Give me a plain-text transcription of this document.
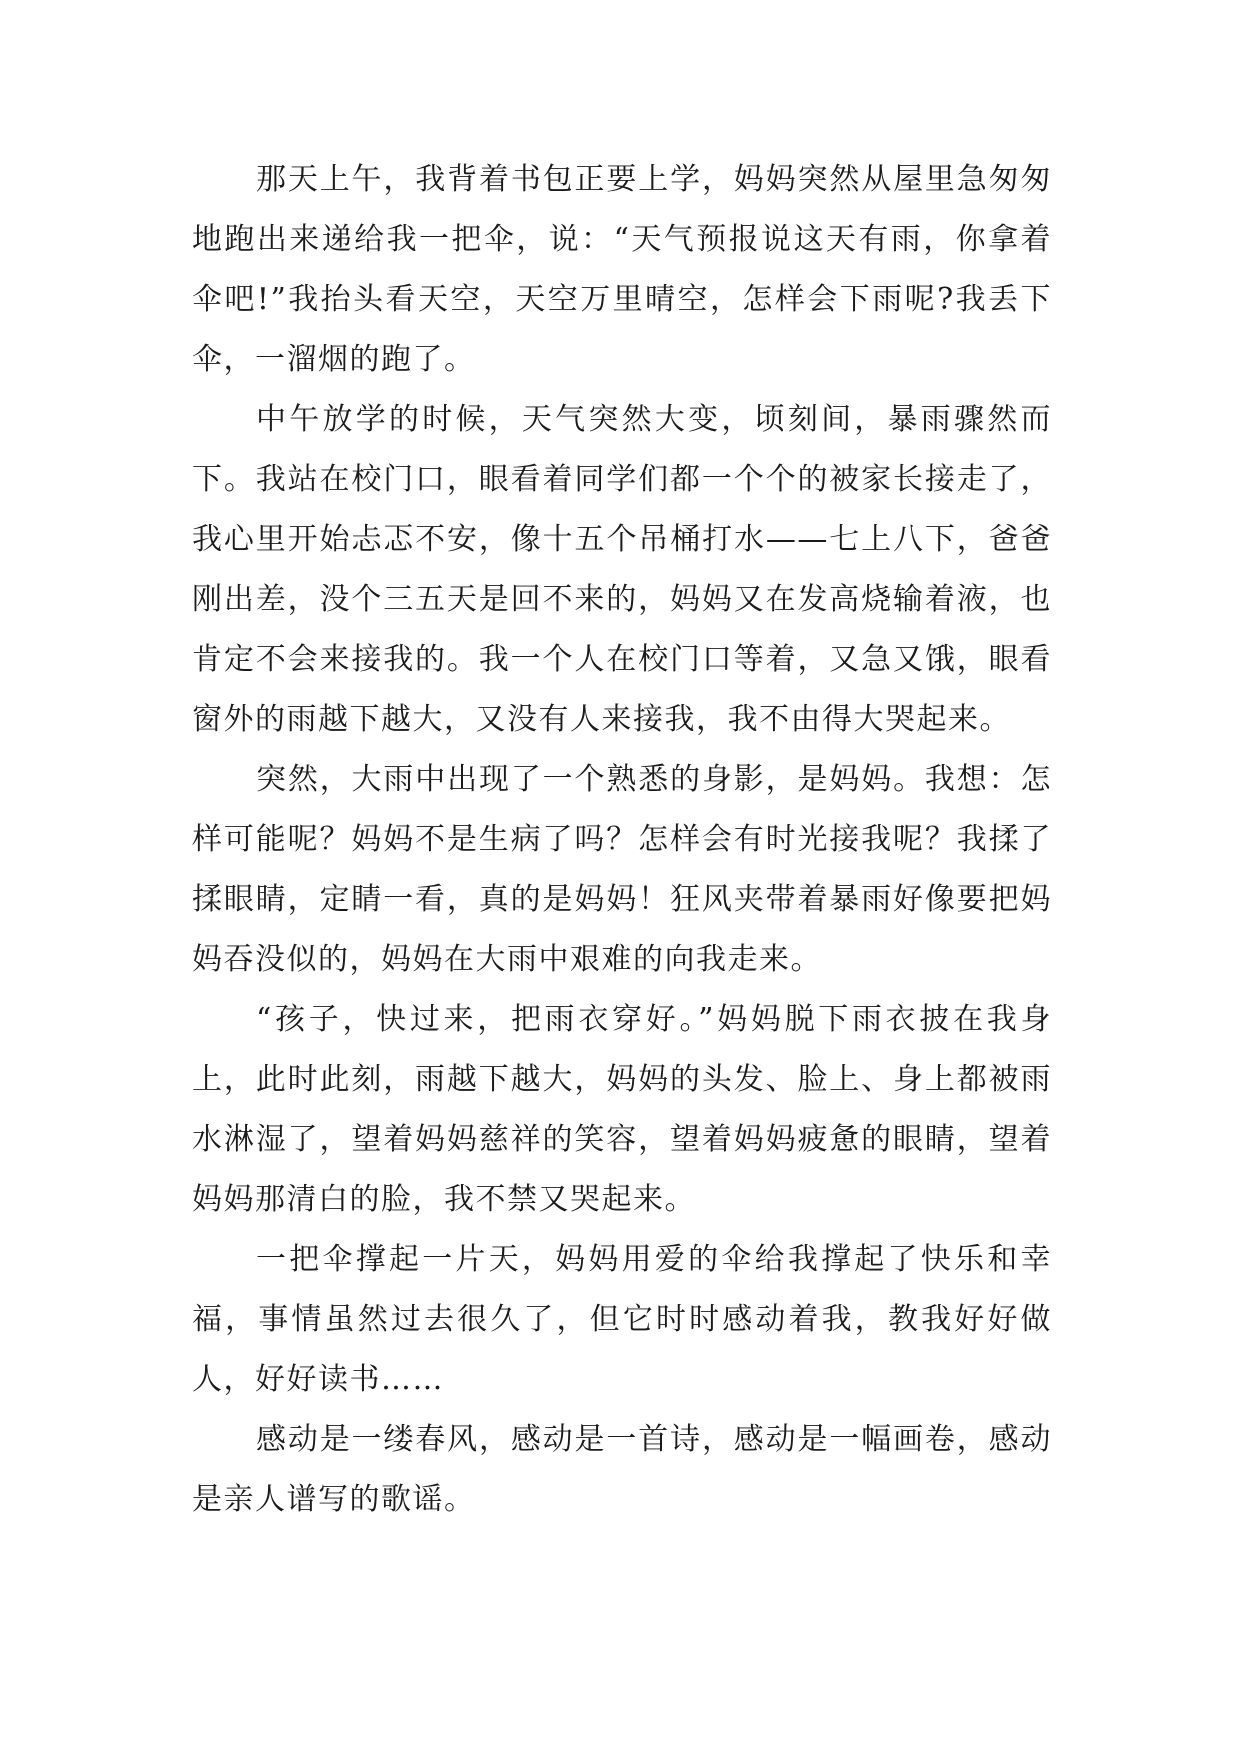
那天上午，我背着书包正要上学，妈妈突然从屋里急匆匆地跑出来递给我一把伞，说：“天气预报说这天有雨，你拿着伞吧!”我抬头看天空，天空万里晴空，怎样会下雨呢?我丢下伞，一溜烟的跑了。

中午放学的时候，天气突然大变，顷刻间，暴雨骤然而下。我站在校门口，眼看着同学们都一个个的被家长接走了，我心里开始忐忑不安，像十五个吊桶打水——七上八下，爸爸刚出差，没个三五天是回不来的，妈妈又在发高烧输着液，也肯定不会来接我的。我一个人在校门口等着，又急又饿，眼看窗外的雨越下越大，又没有人来接我，我不由得大哭起来。

突然，大雨中出现了一个熟悉的身影，是妈妈。我想：怎样可能呢？妈妈不是生病了吗？怎样会有时光接我呢？我揉了揉眼睛，定睛一看，真的是妈妈！狂风夹带着暴雨好像要把妈妈吞没似的，妈妈在大雨中艰难的向我走来。

“孩子，快过来，把雨衣穿好。”妈妈脱下雨衣披在我身上，此时此刻，雨越下越大，妈妈的头发、脸上、身上都被雨水淋湿了，望着妈妈慈祥的笑容，望着妈妈疲惫的眼睛，望着妈妈那清白的脸，我不禁又哭起来。

一把伞撑起一片天，妈妈用爱的伞给我撑起了快乐和幸福，事情虽然过去很久了，但它时时感动着我，教我好好做人，好好读书……

感动是一缕春风，感动是一首诗，感动是一幅画卷，感动是亲人谱写的歌谣。
